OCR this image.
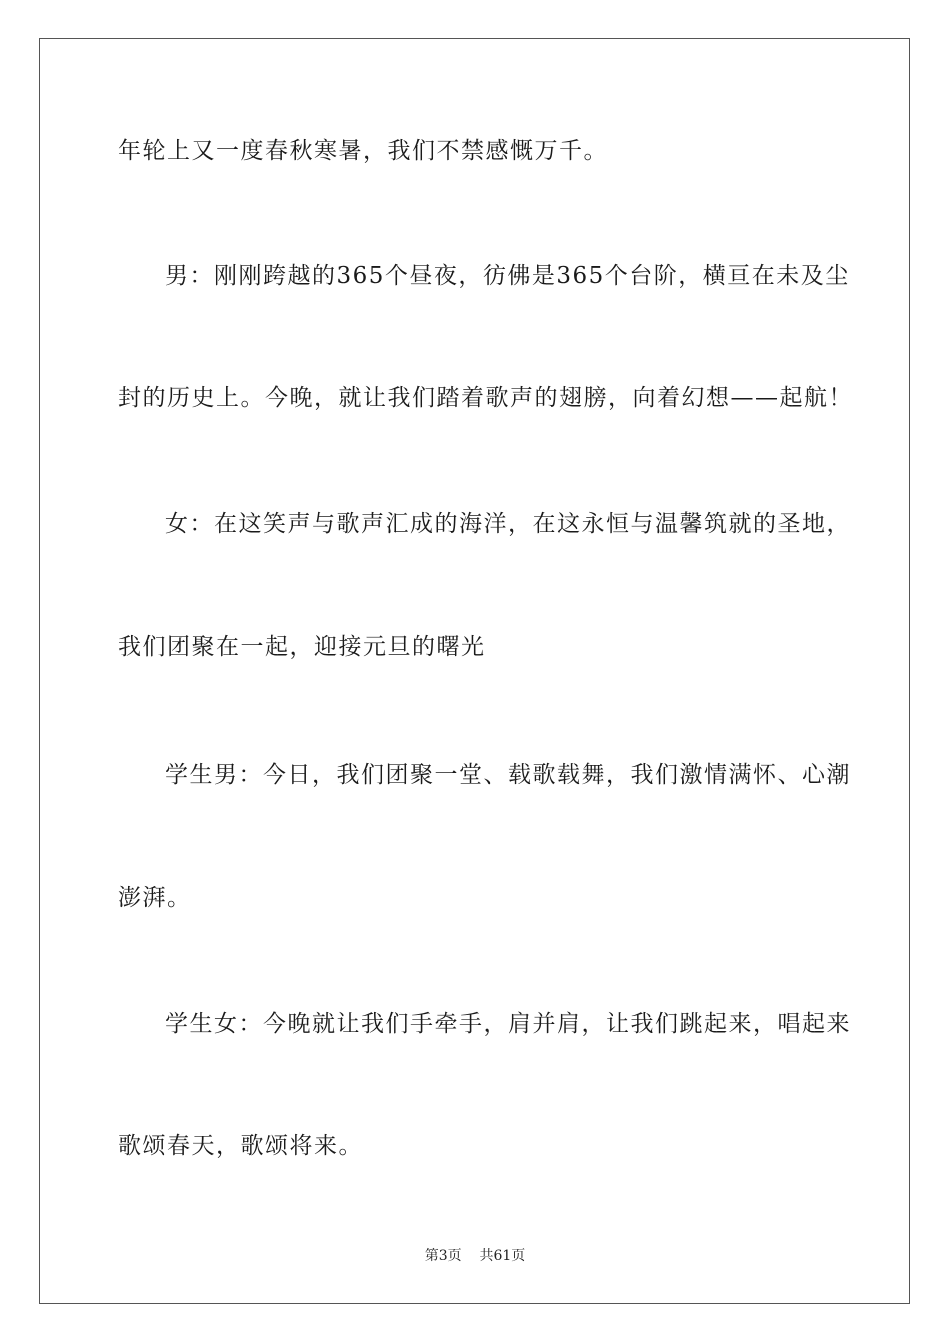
年轮上又一度春秋寒暑，我们不禁感慨万千。
男：刚刚跨越的365个昼夜，彷佛是365个台阶，横亘在未及尘
封的历史上。今晚，就让我们踏着歌声的翅膀，向着幻想——起航！
女：在这笑声与歌声汇成的海洋，在这永恒与温馨筑就的圣地，
我们团聚在一起，迎接元旦的曙光
学生男：今日，我们团聚一堂、载歌载舞，我们激情满怀、心潮
澎湃。
学生女：今晚就让我们手牵手，肩并肩，让我们跳起来，唱起来
歌颂春天，歌颂将来。
第3页 共61页
